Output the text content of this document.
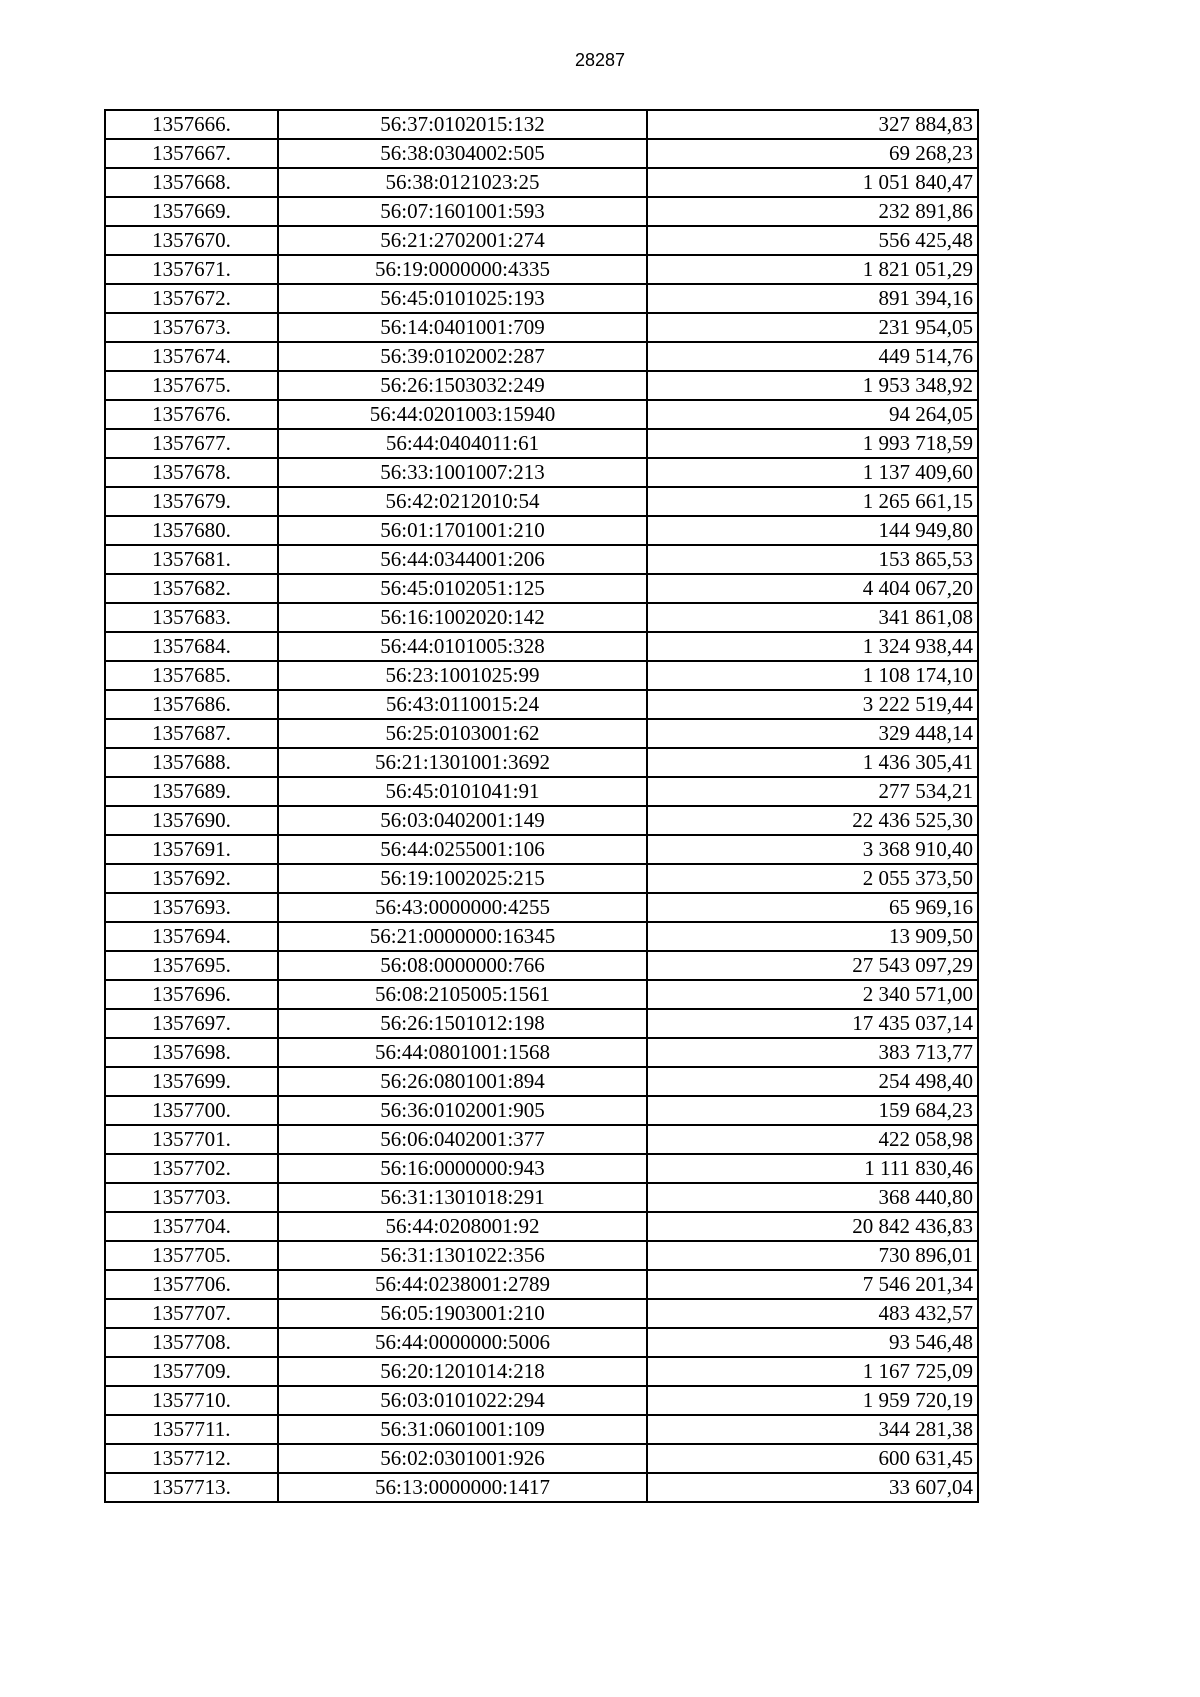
28287
1357666.	56:37:0102015:132	327 884,83
1357667.	56:38:0304002:505	69 268,23
1357668.	56:38:0121023:25	1 051 840,47
1357669.	56:07:1601001:593	232 891,86
1357670.	56:21:2702001:274	556 425,48
1357671.	56:19:0000000:4335	1 821 051,29
1357672.	56:45:0101025:193	891 394,16
1357673.	56:14:0401001:709	231 954,05
1357674.	56:39:0102002:287	449 514,76
1357675.	56:26:1503032:249	1 953 348,92
1357676.	56:44:0201003:15940	94 264,05
1357677.	56:44:0404011:61	1 993 718,59
1357678.	56:33:1001007:213	1 137 409,60
1357679.	56:42:0212010:54	1 265 661,15
1357680.	56:01:1701001:210	144 949,80
1357681.	56:44:0344001:206	153 865,53
1357682.	56:45:0102051:125	4 404 067,20
1357683.	56:16:1002020:142	341 861,08
1357684.	56:44:0101005:328	1 324 938,44
1357685.	56:23:1001025:99	1 108 174,10
1357686.	56:43:0110015:24	3 222 519,44
1357687.	56:25:0103001:62	329 448,14
1357688.	56:21:1301001:3692	1 436 305,41
1357689.	56:45:0101041:91	277 534,21
1357690.	56:03:0402001:149	22 436 525,30
1357691.	56:44:0255001:106	3 368 910,40
1357692.	56:19:1002025:215	2 055 373,50
1357693.	56:43:0000000:4255	65 969,16
1357694.	56:21:0000000:16345	13 909,50
1357695.	56:08:0000000:766	27 543 097,29
1357696.	56:08:2105005:1561	2 340 571,00
1357697.	56:26:1501012:198	17 435 037,14
1357698.	56:44:0801001:1568	383 713,77
1357699.	56:26:0801001:894	254 498,40
1357700.	56:36:0102001:905	159 684,23
1357701.	56:06:0402001:377	422 058,98
1357702.	56:16:0000000:943	1 111 830,46
1357703.	56:31:1301018:291	368 440,80
1357704.	56:44:0208001:92	20 842 436,83
1357705.	56:31:1301022:356	730 896,01
1357706.	56:44:0238001:2789	7 546 201,34
1357707.	56:05:1903001:210	483 432,57
1357708.	56:44:0000000:5006	93 546,48
1357709.	56:20:1201014:218	1 167 725,09
1357710.	56:03:0101022:294	1 959 720,19
1357711.	56:31:0601001:109	344 281,38
1357712.	56:02:0301001:926	600 631,45
1357713.	56:13:0000000:1417	33 607,04
